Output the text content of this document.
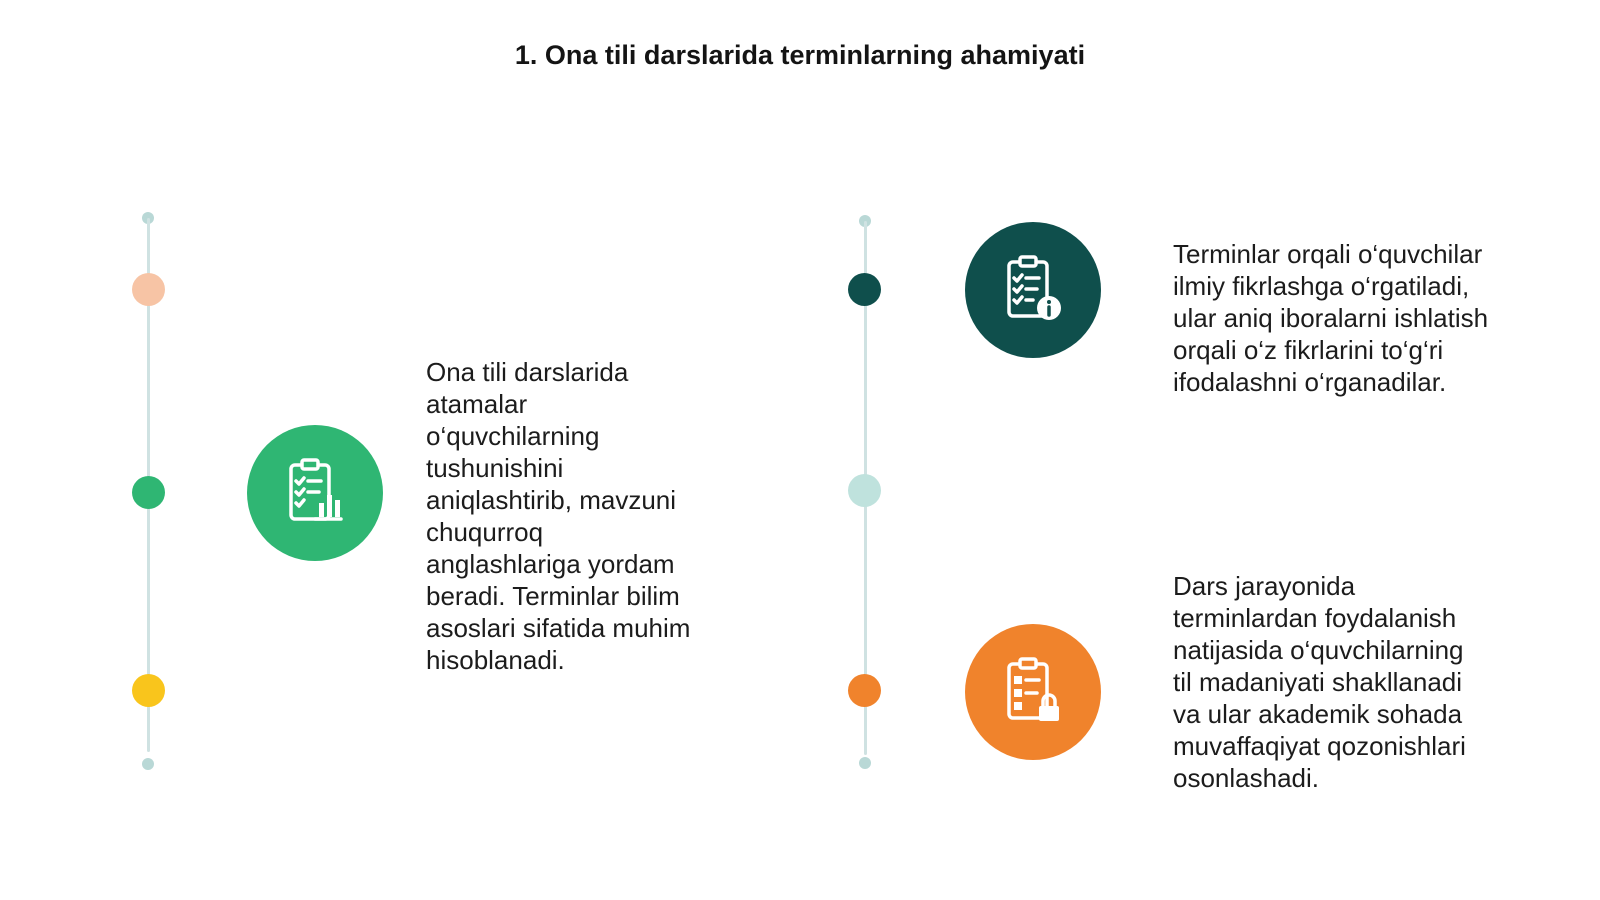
1. Ona tili darslarida terminlarning ahamiyati
Ona tili darslarida
atamalar
o‘quvchilarning
tushunishini
aniqlashtirib, mavzuni
chuqurroq
anglashlariga yordam
beradi. Terminlar bilim
asoslari sifatida muhim
hisoblanadi.
Terminlar orqali o‘quvchilar
ilmiy fikrlashga o‘rgatiladi,
ular aniq iboralarni ishlatish
orqali o‘z fikrlarini to‘g‘ri
ifodalashni o‘rganadilar.
Dars jarayonida
terminlardan foydalanish
natijasida o‘quvchilarning
til madaniyati shakllanadi
va ular akademik sohada
muvaffaqiyat qozonishlari
osonlashadi.
